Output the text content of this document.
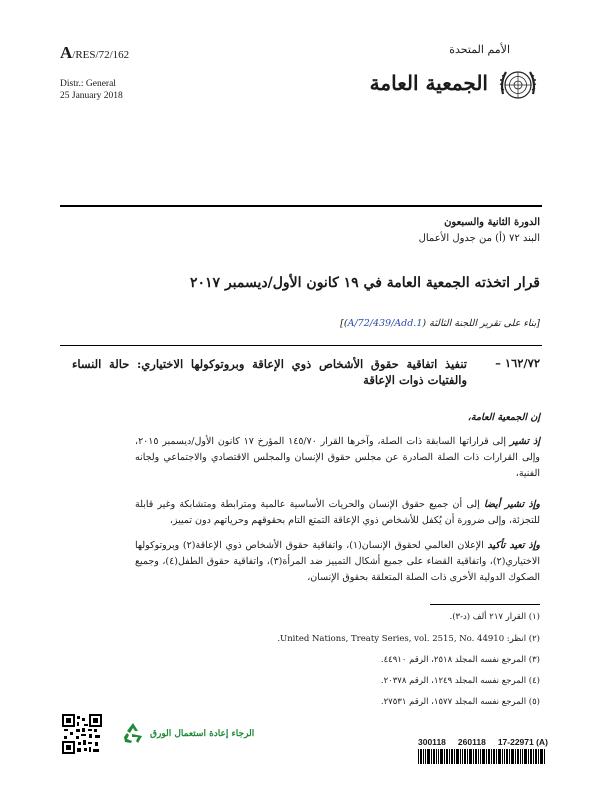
A/RES/72/162	الأمم المتحدة
الجمعية العامة
Distr.: General
25 January 2018
الدورة الثانية والسبعون
البند ٧٢ (أ) من جدول الأعمال
قرار اتخذته الجمعية العامة في ١٩ كانون الأول/ديسمبر ٢٠١٧
[بناء على تقرير اللجنة الثالثة (A/72/439/Add.1)]
١٦٢/٧٢ –
تنفيذ اتفاقية حقوق الأشخاص ذوي الإعاقة وبروتوكولها الاختياري: حالة النساء والفتيات ذوات الإعاقة
إن الجمعية العامة،
إذ تشير إلى قراراتها السابقة ذات الصلة، وآخرها القرار ١٤٥/٧٠ المؤرخ ١٧ كانون الأول/ديسمبر ٢٠١٥، وإلى القرارات ذات الصلة الصادرة عن مجلس حقوق الإنسان والمجلس الاقتصادي والاجتماعي ولجانه الفنية،
وإذ تشير أيضا إلى أن جميع حقوق الإنسان والحريات الأساسية عالمية ومترابطة ومتشابكة وغير قابلة للتجزئة، وإلى ضرورة أن يُكفل للأشخاص ذوي الإعاقة التمتع التام بحقوقهم وحرياتهم دون تمييز،
وإذ تعيد تأكيد الإعلان العالمي لحقوق الإنسان(١)، واتفاقية حقوق الأشخاص ذوي الإعاقة(٢) وبروتوكولها الاختياري(٢)، واتفاقية القضاء على جميع أشكال التمييز ضد المرأة(٣)، واتفاقية حقوق الطفل(٤)، وجميع الصكوك الدولية الأخرى ذات الصلة المتعلقة بحقوق الإنسان،
(١) القرار ٢١٧ ألف (د-٣).
(٢) انظر: United Nations, Treaty Series, vol. 2515, No. 44910.
(٣) المرجع نفسه المجلد ٢٥١٨، الرقم ٤٤٩١٠.
(٤) المرجع نفسه المجلد ١٢٤٩، الرقم ٢٠٣٧٨.
(٥) المرجع نفسه المجلد ١٥٧٧، الرقم ٢٧٥٣١.
الرجاء إعادة استعمال الورق
300118 260118 17-22971 (A)
